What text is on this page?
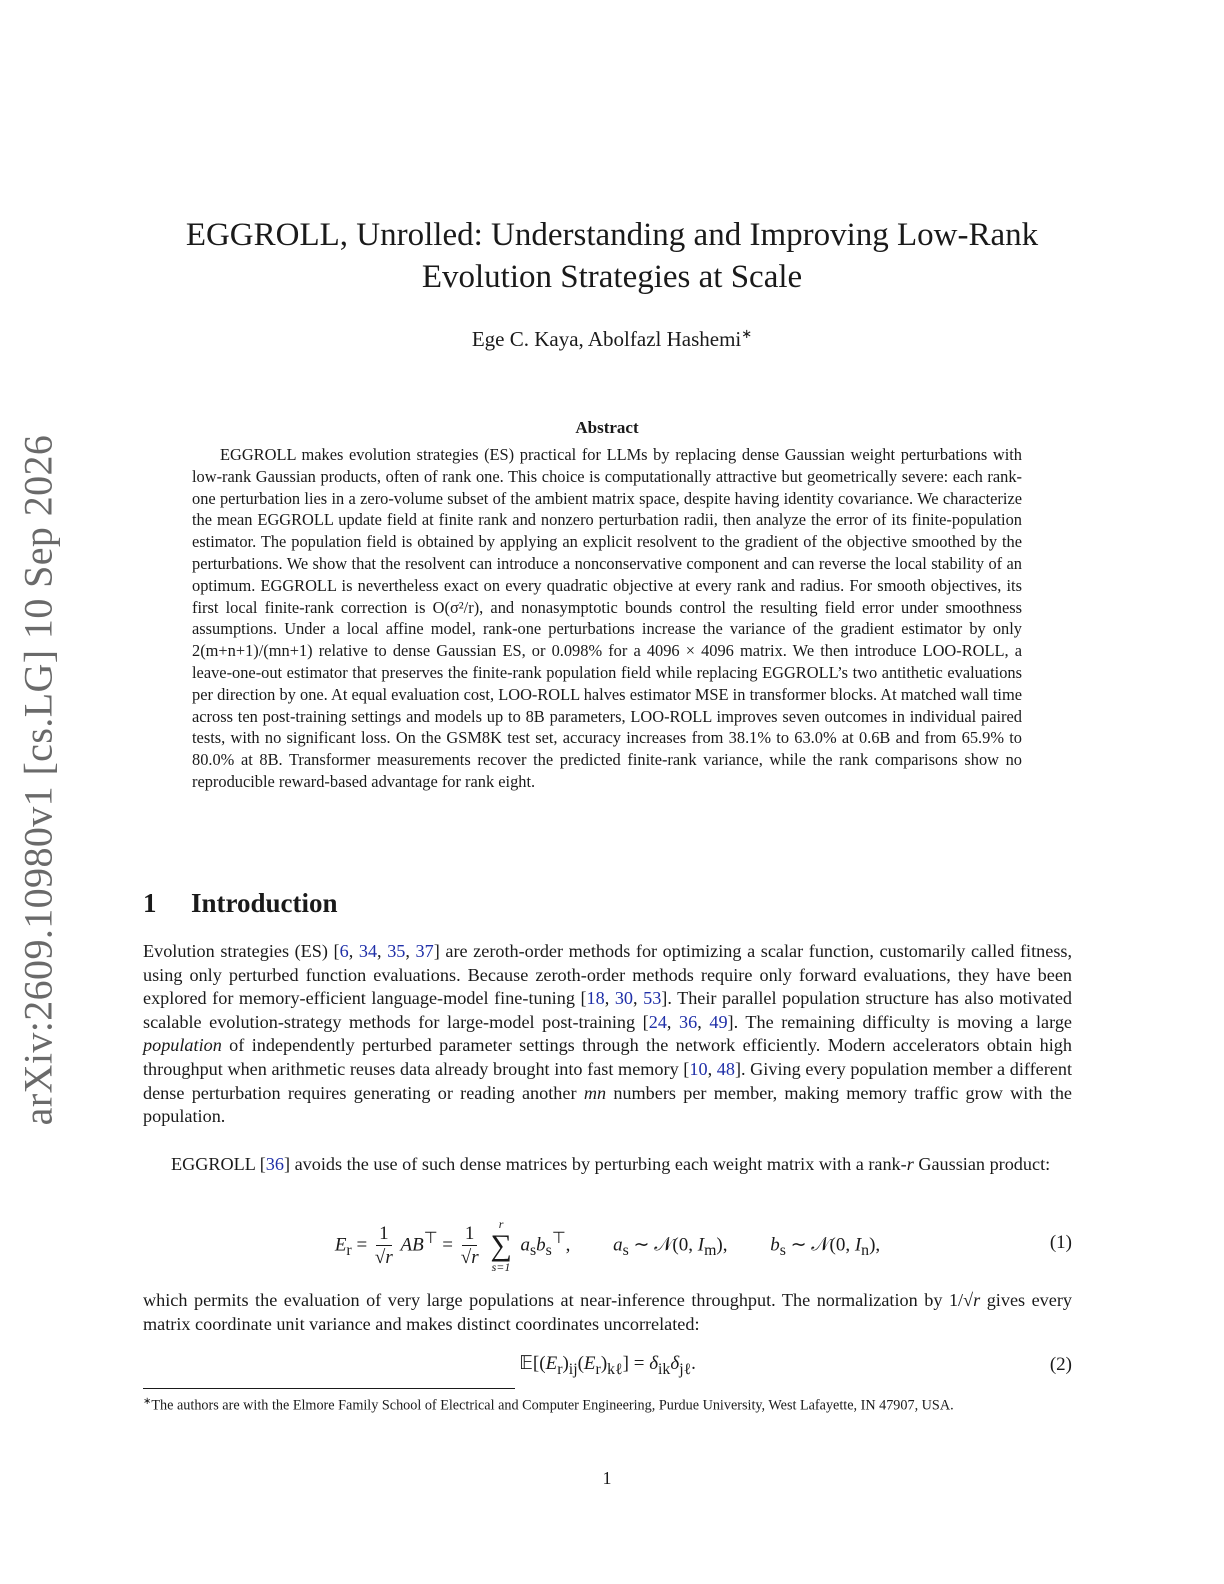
arXiv:2609.10980v1 [cs.LG] 10 Sep 2026
EGGROLL, Unrolled: Understanding and Improving Low-Rank
Evolution Strategies at Scale
Ege C. Kaya, Abolfazl Hashemi∗
Abstract

EGGROLL makes evolution strategies (ES) practical for LLMs by replacing dense Gaussian weight perturbations with low-rank Gaussian products, often of rank one. This choice is computationally attractive but geometrically severe: each rank-one perturbation lies in a zero-volume subset of the ambient matrix space, despite having identity covariance. We characterize the mean EGGROLL update field at finite rank and nonzero perturbation radii, then analyze the error of its finite-population estimator. The population field is obtained by applying an explicit resolvent to the gradient of the objective smoothed by the perturbations. We show that the resolvent can introduce a nonconservative component and can reverse the local stability of an optimum. EGGROLL is nevertheless exact on every quadratic objective at every rank and radius. For smooth objectives, its first local finite-rank correction is O(σ²/r), and nonasymptotic bounds control the resulting field error under smoothness assumptions. Under a local affine model, rank-one perturbations increase the variance of the gradient estimator by only 2(m+n+1)/(mn+1) relative to dense Gaussian ES, or 0.098% for a 4096 × 4096 matrix. We then introduce LOO-ROLL, a leave-one-out estimator that preserves the finite-rank population field while replacing EGGROLL’s two antithetic evaluations per direction by one. At equal evaluation cost, LOO-ROLL halves estimator MSE in transformer blocks. At matched wall time across ten post-training settings and models up to 8B parameters, LOO-ROLL improves seven outcomes in individual paired tests, with no significant loss. On the GSM8K test set, accuracy increases from 38.1% to 63.0% at 0.6B and from 65.9% to 80.0% at 8B. Transformer measurements recover the predicted finite-rank variance, while the rank comparisons show no reproducible reward-based advantage for rank eight.

1 Introduction

Evolution strategies (ES) [6, 34, 35, 37] are zeroth-order methods for optimizing a scalar function, customarily called fitness, using only perturbed function evaluations. Because zeroth-order methods require only forward evaluations, they have been explored for memory-efficient language-model fine-tuning [18, 30, 53]. Their parallel population structure has also motivated scalable evolution-strategy methods for large-model post-training [24, 36, 49]. The remaining difficulty is moving a large population of independently perturbed parameter settings through the network efficiently. Modern accelerators obtain high throughput when arithmetic reuses data already brought into fast memory [10, 48]. Giving every population member a different dense perturbation requires generating or reading another mn numbers per member, making memory traffic grow with the population.

EGGROLL [36] avoids the use of such dense matrices by perturbing each weight matrix with a rank-r Gaussian product:

$E_r = \frac{1}{√r} AB^⊤ = \frac{1}{√r}$
r
∑
s=1
$a_sb_s^⊤$, $a_s$ ∼ 𝒩(0, $I_m$), $b_s$ ∼ 𝒩(0, $I_n$),	(1)

which permits the evaluation of very large populations at near-inference throughput. The normalization by 1/√r gives every matrix coordinate unit variance and makes distinct coordinates uncorrelated:

$𝔼[(E_r)_{ij}(E_r)_{k\ell}] = \delta_{ik}\delta_{j\ell}$.	(2)

∗The authors are with the Elmore Family School of Electrical and Computer Engineering, Purdue University, West Lafayette, IN 47907, USA.

1
